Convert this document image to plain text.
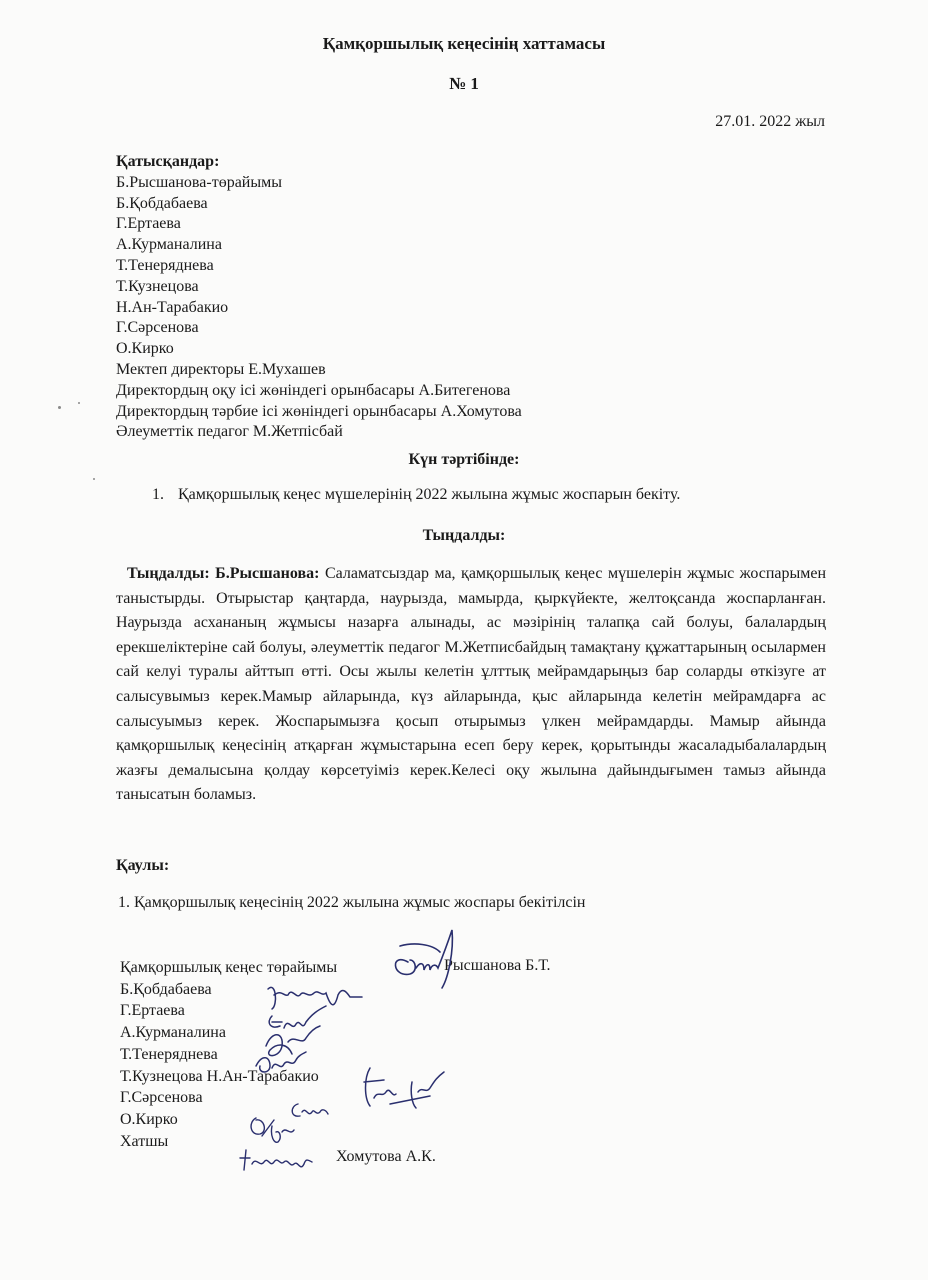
Қамқоршылық кеңесінің хаттамасы
№ 1
27.01. 2022 жыл
Қатысқандар:
Б.Рысшанова-төрайымы
Б.Қобдабаева
Г.Ертаева
А.Курманалина
Т.Тенеряднева
Т.Кузнецова
Н.Ан-Тарабакио
Г.Сәрсенова
О.Кирко
Мектеп директоры Е.Мухашев
Директордың оқу ісі жөніндегі орынбасары А.Битегенова
Директордың тәрбие ісі жөніндегі орынбасары А.Хомутова
Әлеуметтік педагог М.Жетпісбай
Күн тәртібінде:
1. Қамқоршылық кеңес мүшелерінің 2022 жылына жұмыс жоспарын бекіту.
Тыңдалды:
Тыңдалды: Б.Рысшанова: Саламатсыздар ма, қамқоршылық кеңес мүшелерін жұмыс жоспарымен таныстырды. Отырыстар қаңтарда, наурызда, мамырда, қыркүйекте, желтоқсанда жоспарланған. Наурызда асхананың жұмысы назарға алынады, ас мәзірінің талапқа сай болуы, балалардың ерекшеліктеріне сай болуы, әлеуметтік педагог М.Жетписбайдың тамақтану құжаттарының осылармен сай келуі туралы айттып өтті. Осы жылы келетін ұлттық мейрамдарыңыз бар соларды өткізуге ат салысувымыз керек.Мамыр айларында, күз айларында, қыс айларында келетін мейрамдарға ас салысуымыз керек. Жоспарымызға қосып отырымыз үлкен мейрамдарды. Мамыр айында қамқоршылық кеңесінің атқарған жұмыстарына есеп беру керек, қорытынды жасаладыбалалардың жазғы демалысына қолдау көрсетуіміз керек.Келесі оқу жылына дайындығымен тамыз айында танысатын боламыз.
Қаулы:
1. Қамқоршылық кеңесінің 2022 жылына жұмыс жоспары бекітілсін
Қамқоршылық кеңес төрайымы
Б.Қобдабаева
Г.Ертаева
А.Курманалина
Т.Тенеряднева
Т.Кузнецова Н.Ан-Тарабакио
Г.Сәрсенова
О.Кирко
Хатшы
Рысшанова Б.Т.
Хомутова А.К.
